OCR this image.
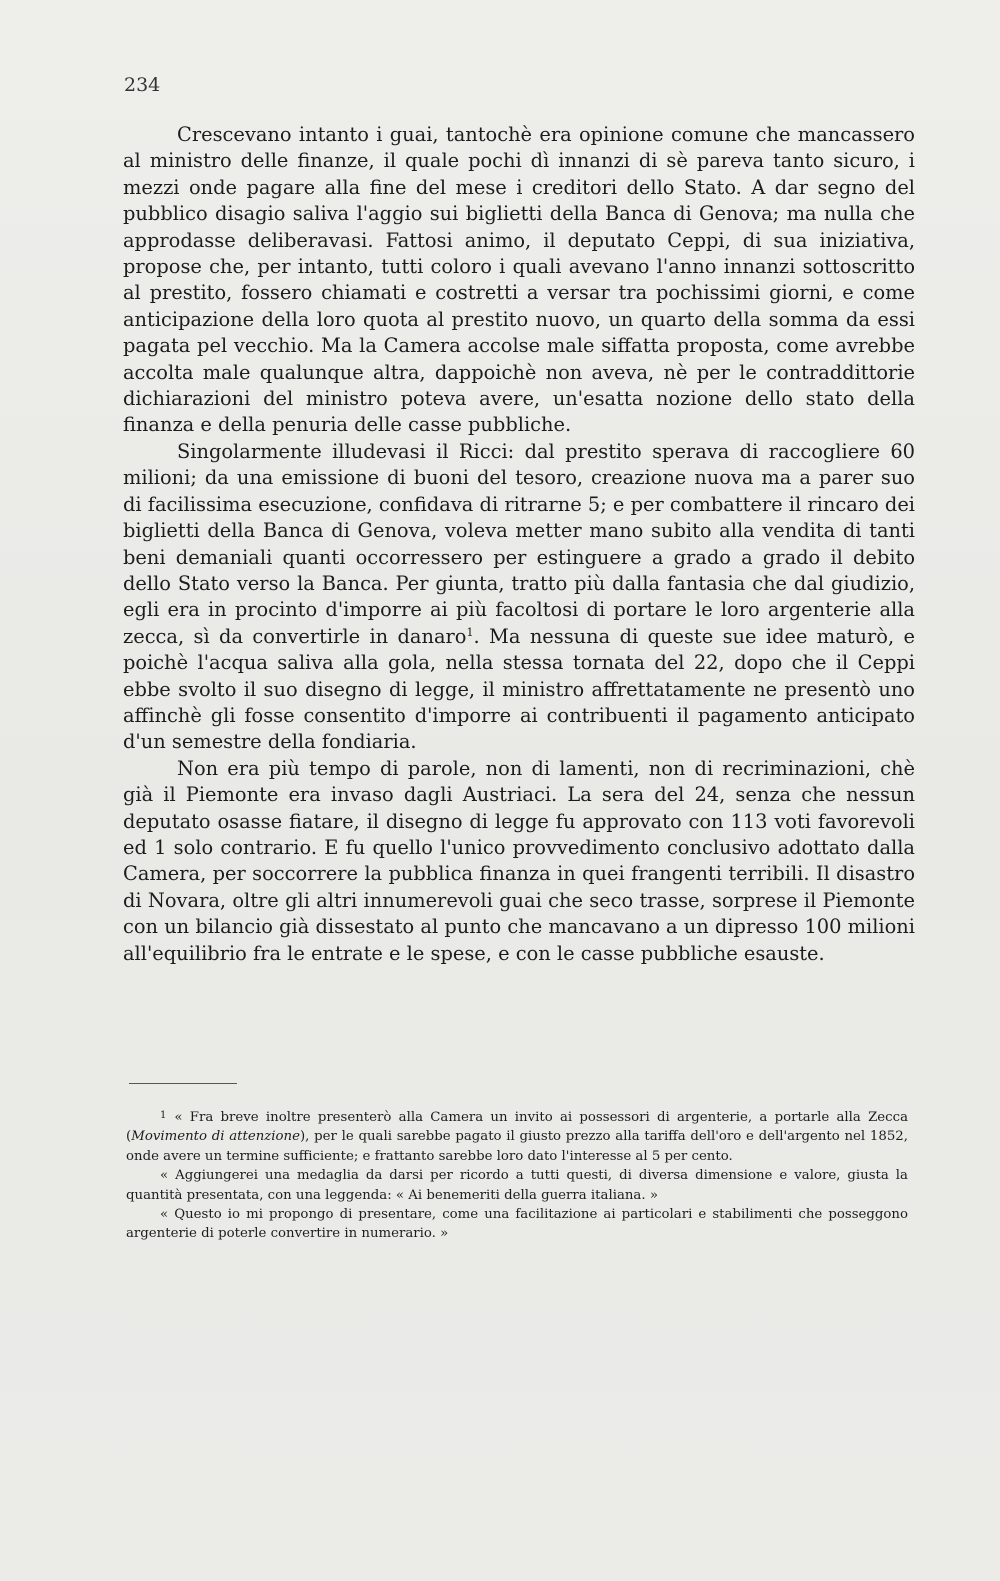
234

Crescevano intanto i guai, tantochè era opinione comune che mancassero al ministro delle finanze, il quale pochi dì innanzi di sè pareva tanto sicuro, i mezzi onde pagare alla fine del mese i creditori dello Stato. A dar segno del pubblico disagio saliva l'aggio sui biglietti della Banca di Genova; ma nulla che approdasse deliberavasi. Fattosi animo, il deputato Ceppi, di sua iniziativa, propose che, per intanto, tutti coloro i quali avevano l'anno innanzi sottoscritto al prestito, fossero chiamati e costretti a versar tra pochissimi giorni, e come anticipazione della loro quota al prestito nuovo, un quarto della somma da essi pagata pel vecchio. Ma la Camera accolse male siffatta proposta, come avrebbe accolta male qualunque altra, dappoichè non aveva, nè per le contraddittorie dichiarazioni del ministro poteva avere, un'esatta nozione dello stato della finanza e della penuria delle casse pubbliche.

Singolarmente illudevasi il Ricci: dal prestito sperava di raccogliere 60 milioni; da una emissione di buoni del tesoro, creazione nuova ma a parer suo di facilissima esecuzione, confidava di ritrarne 5; e per combattere il rincaro dei biglietti della Banca di Genova, voleva metter mano subito alla vendita di tanti beni demaniali quanti occorressero per estinguere a grado a grado il debito dello Stato verso la Banca. Per giunta, tratto più dalla fantasia che dal giudizio, egli era in procinto d'imporre ai più facoltosi di portare le loro argenterie alla zecca, sì da convertirle in danaro$^1$. Ma nessuna di queste sue idee maturò, e poichè l'acqua saliva alla gola, nella stessa tornata del 22, dopo che il Ceppi ebbe svolto il suo disegno di legge, il ministro affrettatamente ne presentò uno affinchè gli fosse consentito d'imporre ai contribuenti il pagamento anticipato d'un semestre della fondiaria.

Non era più tempo di parole, non di lamenti, non di recriminazioni, chè già il Piemonte era invaso dagli Austriaci. La sera del 24, senza che nessun deputato osasse fiatare, il disegno di legge fu approvato con 113 voti favorevoli ed 1 solo contrario. E fu quello l'unico provvedimento conclusivo adottato dalla Camera, per soccorrere la pubblica finanza in quei frangenti terribili. Il disastro di Novara, oltre gli altri innumerevoli guai che seco trasse, sorprese il Piemonte con un bilancio già dissestato al punto che mancavano a un dipresso 100 milioni all'equilibrio fra le entrate e le spese, e con le casse pubbliche esauste.

$^1$ « Fra breve inoltre presenterò alla Camera un invito ai possessori di argenterie, a portarle alla Zecca (Movimento di attenzione), per le quali sarebbe pagato il giusto prezzo alla tariffa dell'oro e dell'argento nel 1852, onde avere un termine sufficiente; e frattanto sarebbe loro dato l'interesse al 5 per cento.

« Aggiungerei una medaglia da darsi per ricordo a tutti questi, di diversa dimensione e valore, giusta la quantità presentata, con una leggenda: « Ai benemeriti della guerra italiana. »

« Questo io mi propongo di presentare, come una facilitazione ai particolari e stabilimenti che posseggono argenterie di poterle convertire in numerario. »
